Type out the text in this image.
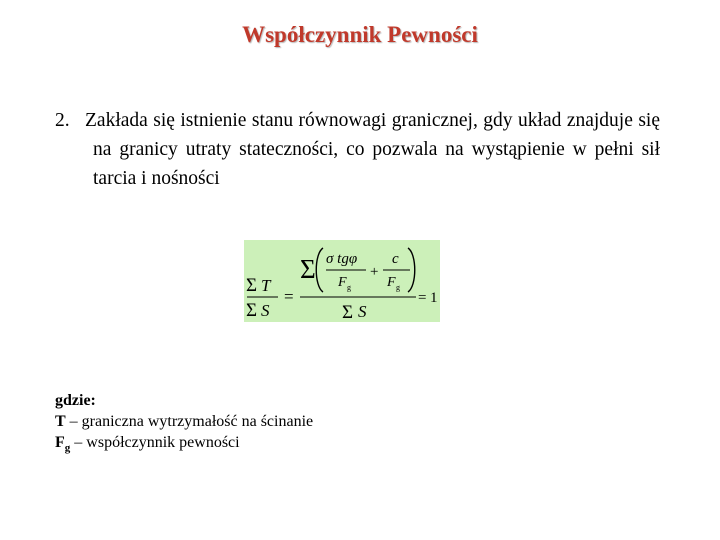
Współczynnik Pewności
2. Zakłada się istnienie stanu równowagi granicznej, gdy układ znajduje się na granicy utraty stateczności, co pozwala na wystąpienie w pełni sił tarcia i nośności
Σ T
Σ S
=
Σ σ tgφ
F g
+
c
F g
Σ S
= 1
gdzie:
T – graniczna wytrzymałość na ścinanie
$F_g$ – współczynnik pewności
